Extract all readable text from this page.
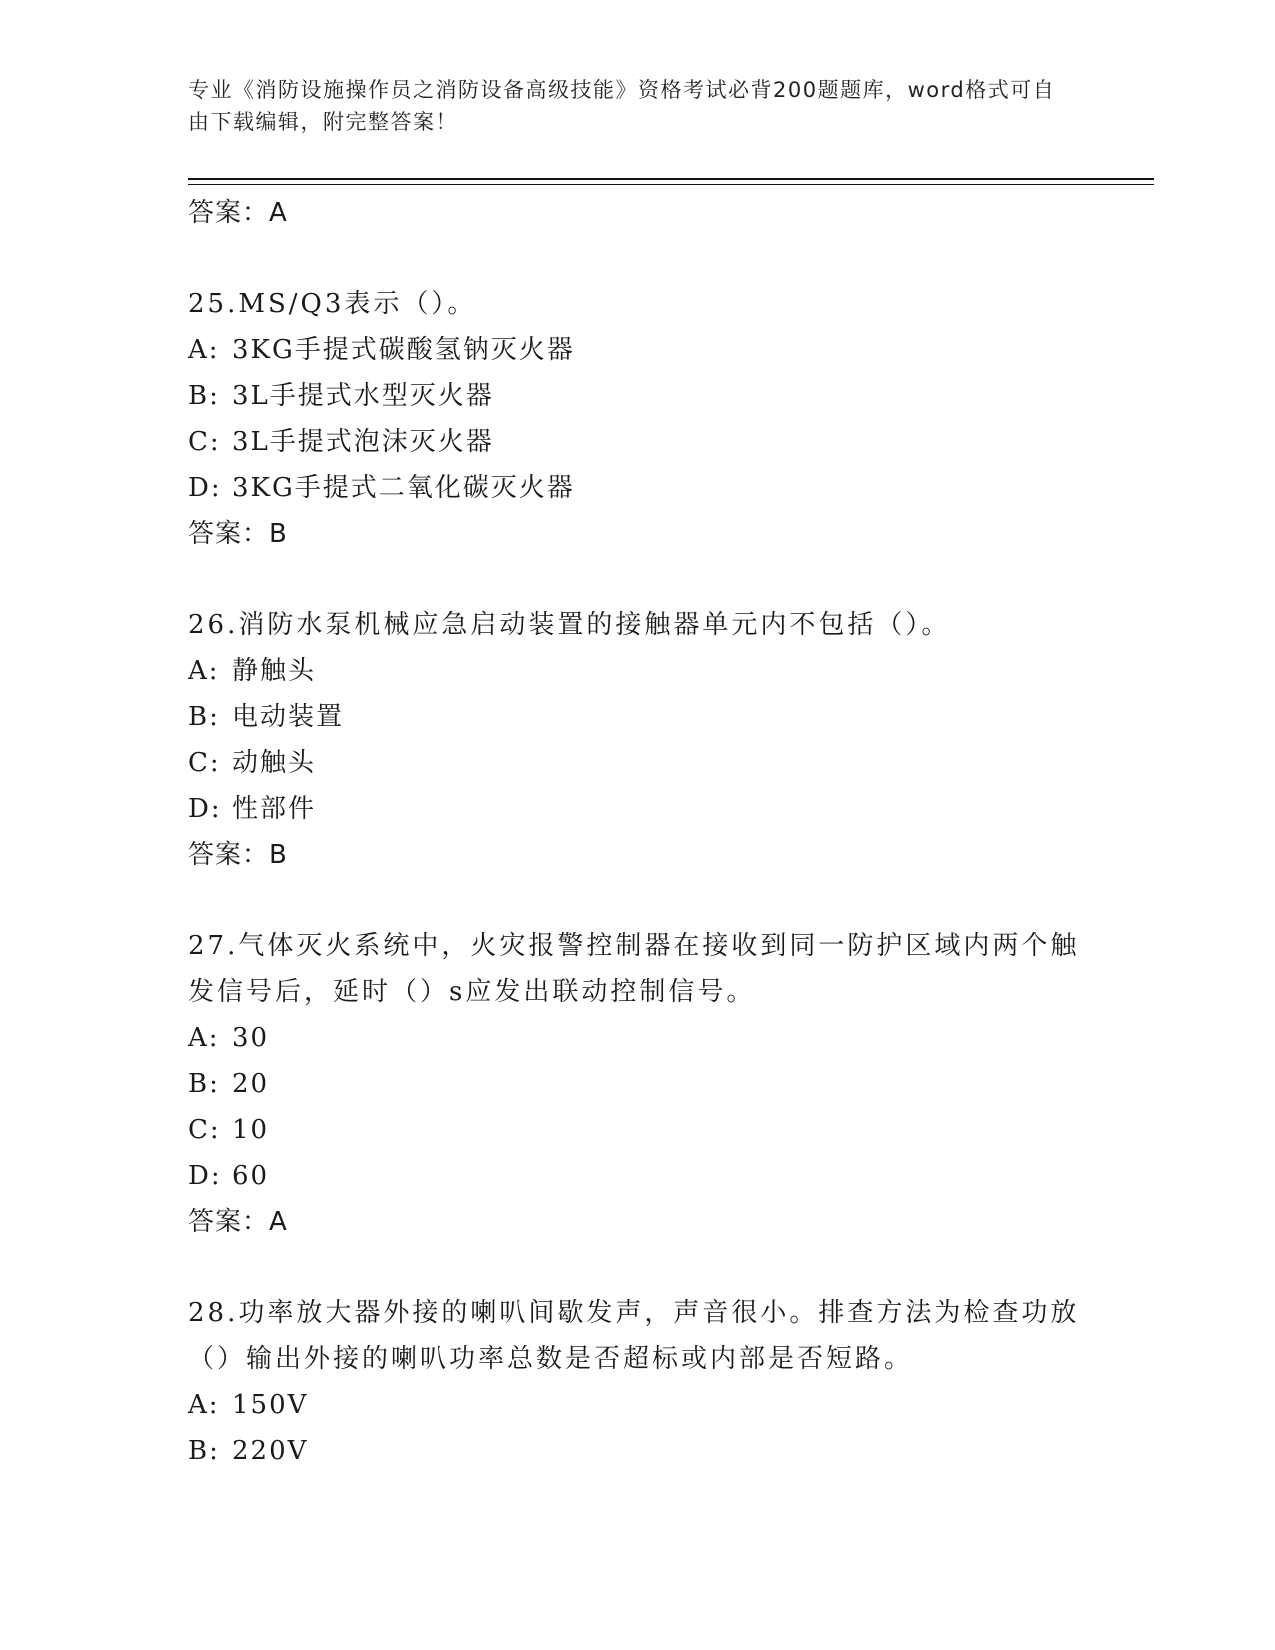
专业《消防设施操作员之消防设备高级技能》资格考试必背200题题库，word格式可自由下载编辑，附完整答案！
答案：A
25.MS/Q3表示（）。
A: 3KG手提式碳酸氢钠灭火器
B: 3L手提式水型灭火器
C: 3L手提式泡沫灭火器
D: 3KG手提式二氧化碳灭火器
答案：B
26.消防水泵机械应急启动装置的接触器单元内不包括（）。
A: 静触头
B: 电动装置
C: 动触头
D: 性部件
答案：B
27.气体灭火系统中，火灾报警控制器在接收到同一防护区域内两个触发信号后，延时（）s应发出联动控制信号。
A: 30
B: 20
C: 10
D: 60
答案：A
28.功率放大器外接的喇叭间歇发声，声音很小。排查方法为检查功放（）输出外接的喇叭功率总数是否超标或内部是否短路。
A: 150V
B: 220V
